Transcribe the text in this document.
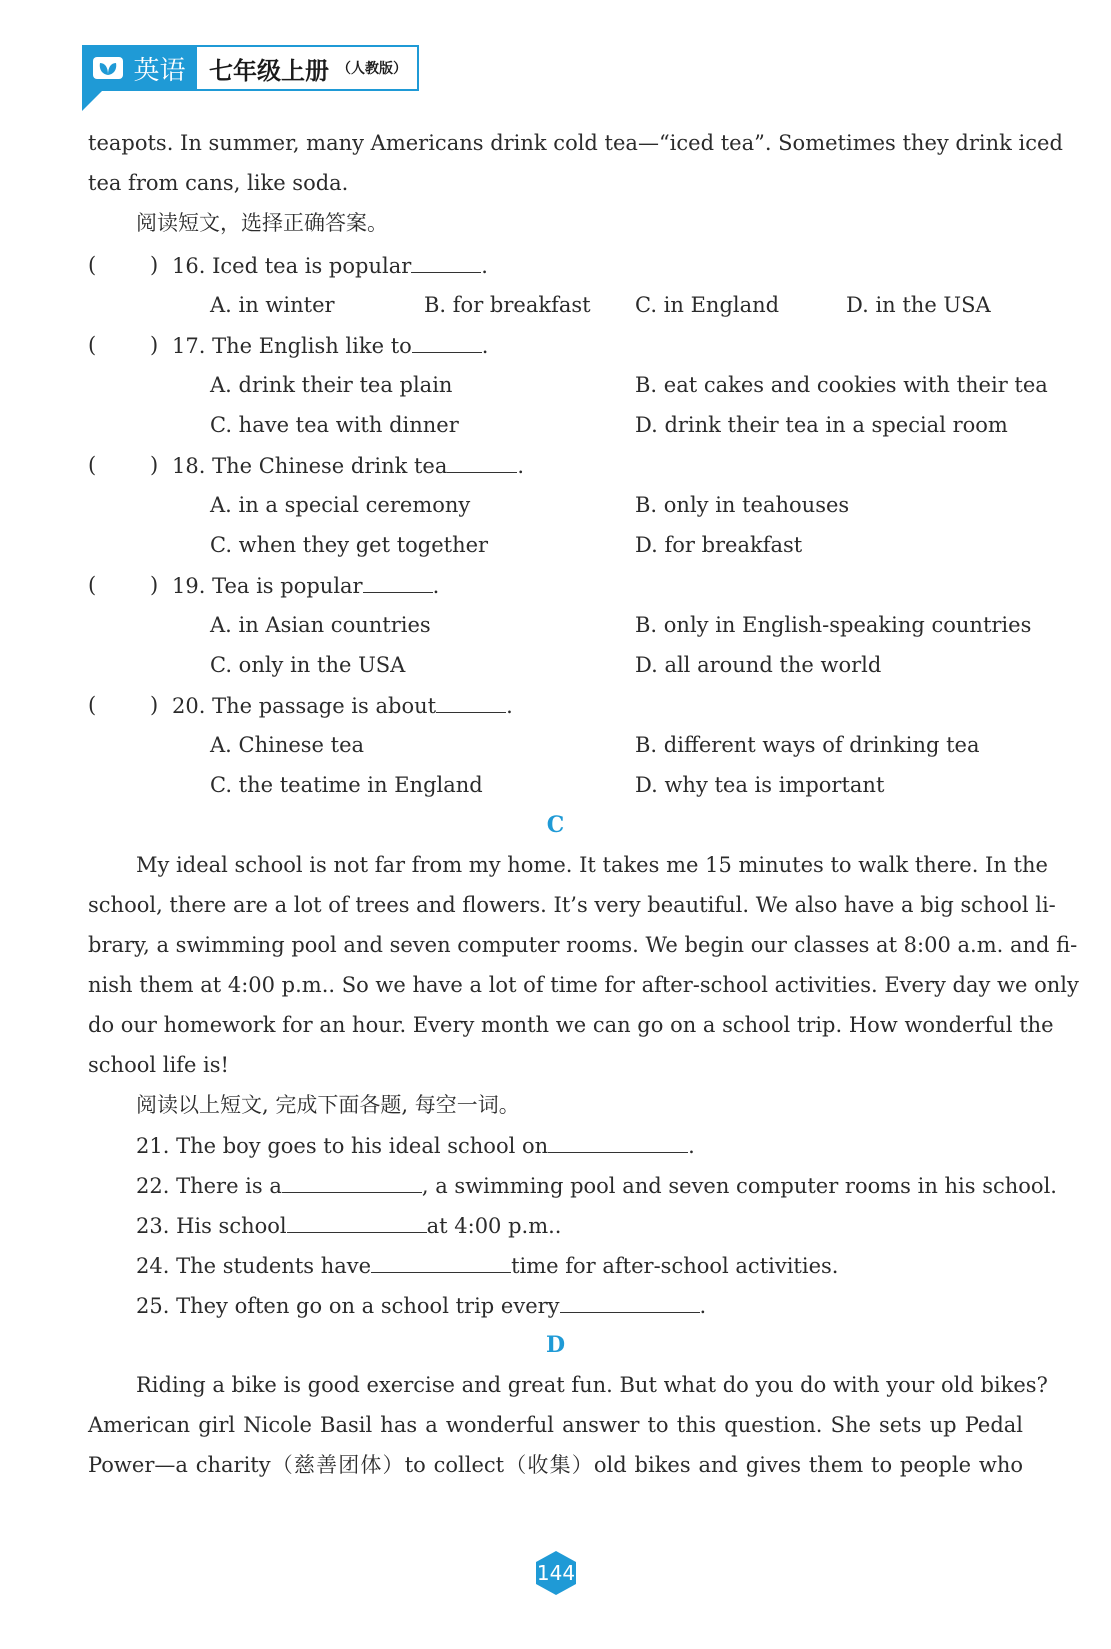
英语 七年级上册 （人教版）
teapots. In summer, many Americans drink cold tea—“iced tea”. Sometimes they drink iced
tea from cans, like soda.
阅读短文，选择正确答案。
(	) 16. Iced tea is popular	.
A. in winter	B. for breakfast C. in England	D. in the USA
(	) 17. The English like to	.
A. drink their tea plain	B. eat cakes and cookies with their tea
C. have tea with dinner	D. drink their tea in a special room
(	) 18. The Chinese drink tea	.
A. in a special ceremony	B. only in teahouses
C. when they get together	D. for breakfast
(	) 19. Tea is popular	.
A. in Asian countries	B. only in English-speaking countries
C. only in the USA	D. all around the world
(	) 20. The passage is about	.
A. Chinese tea	B. different ways of drinking tea
C. the teatime in England	D. why tea is important
C
My ideal school is not far from my home. It takes me 15 minutes to walk there. In the
school, there are a lot of trees and flowers. It’s very beautiful. We also have a big school li-
brary, a swimming pool and seven computer rooms. We begin our classes at 8:00 a.m. and fi-
nish them at 4:00 p.m.. So we have a lot of time for after-school activities. Every day we only
do our homework for an hour. Every month we can go on a school trip. How wonderful the
school life is!
阅读以上短文, 完成下面各题, 每空一词。
21. The boy goes to his ideal school on	.
22. There is a	, a swimming pool and seven computer rooms in his school.
23. His school	at 4:00 p.m..
24. The students have	time for after-school activities.
25. They often go on a school trip every	.
D
Riding a bike is good exercise and great fun. But what do you do with your old bikes?
American girl Nicole Basil has a wonderful answer to this question. She sets up Pedal
Power—a charity（慈善团体）to collect（收集）old bikes and gives them to people who
144
